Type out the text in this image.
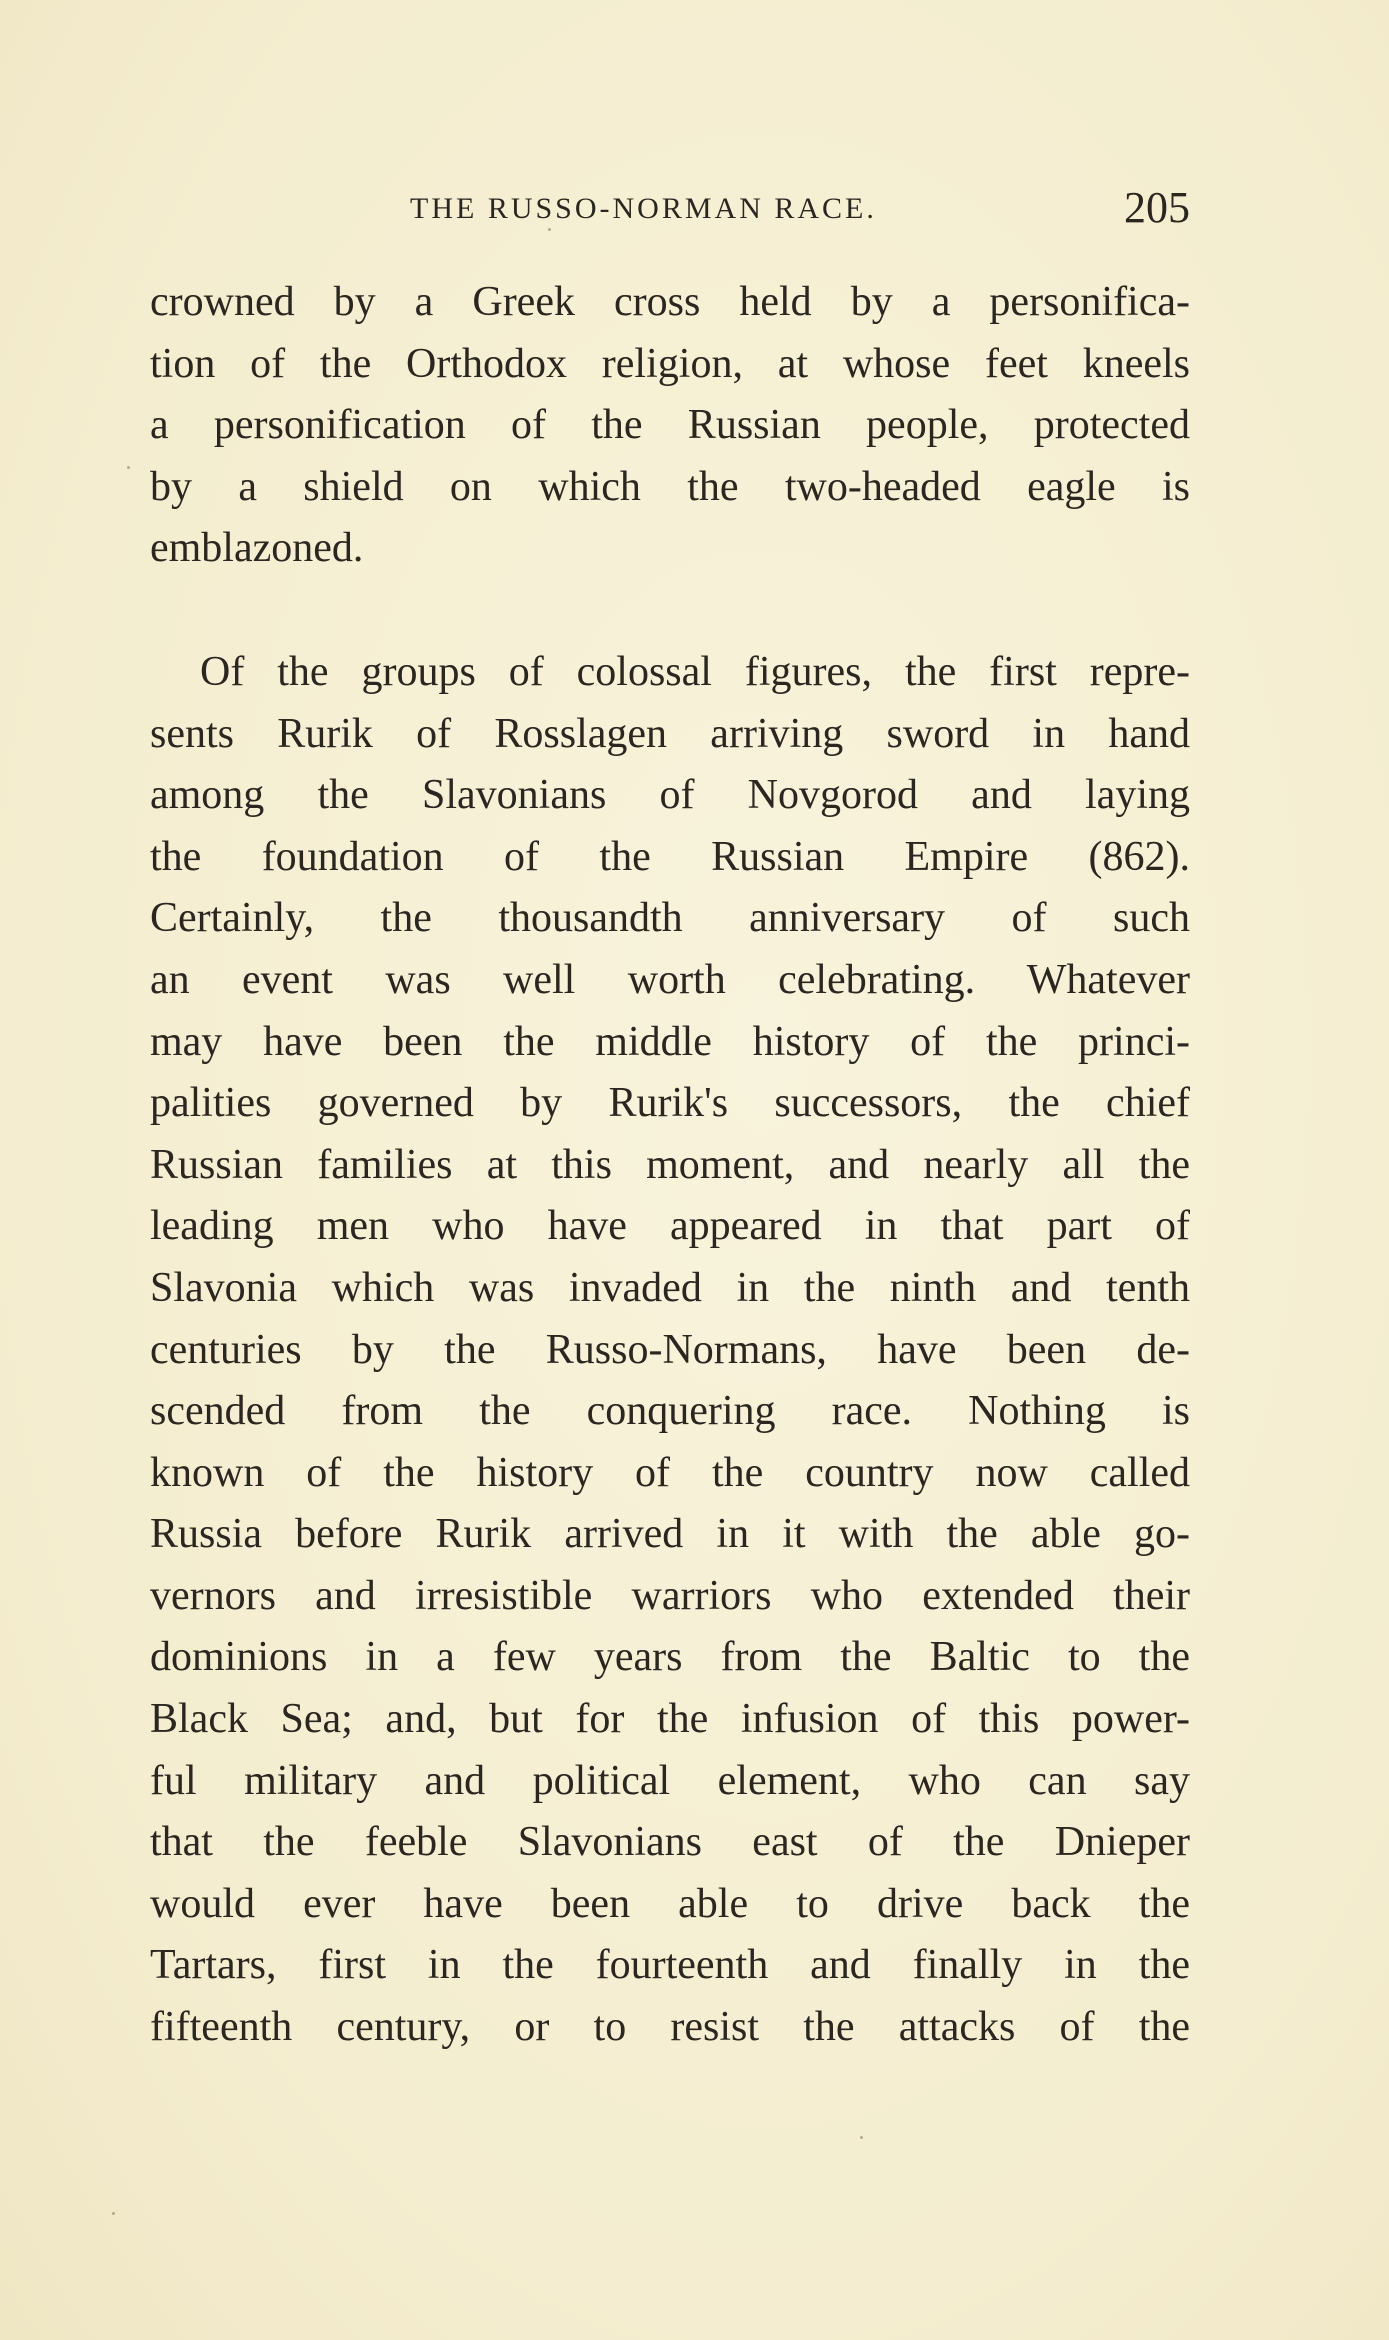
THE RUSSO-NORMAN RACE.	205
crowned by a Greek cross held by a personifica-
tion of the Orthodox religion, at whose feet kneels
a personification of the Russian people, protected
by a shield on which the two-headed eagle is
emblazoned.
Of the groups of colossal figures, the first repre-
sents Rurik of Rosslagen arriving sword in hand
among the Slavonians of Novgorod and laying
the foundation of the Russian Empire (862).
Certainly, the thousandth anniversary of such
an event was well worth celebrating. Whatever
may have been the middle history of the princi-
palities governed by Rurik's successors, the chief
Russian families at this moment, and nearly all the
leading men who have appeared in that part of
Slavonia which was invaded in the ninth and tenth
centuries by the Russo-Normans, have been de-
scended from the conquering race. Nothing is
known of the history of the country now called
Russia before Rurik arrived in it with the able go-
vernors and irresistible warriors who extended their
dominions in a few years from the Baltic to the
Black Sea; and, but for the infusion of this power-
ful military and political element, who can say
that the feeble Slavonians east of the Dnieper
would ever have been able to drive back the
Tartars, first in the fourteenth and finally in the
fifteenth century, or to resist the attacks of the
